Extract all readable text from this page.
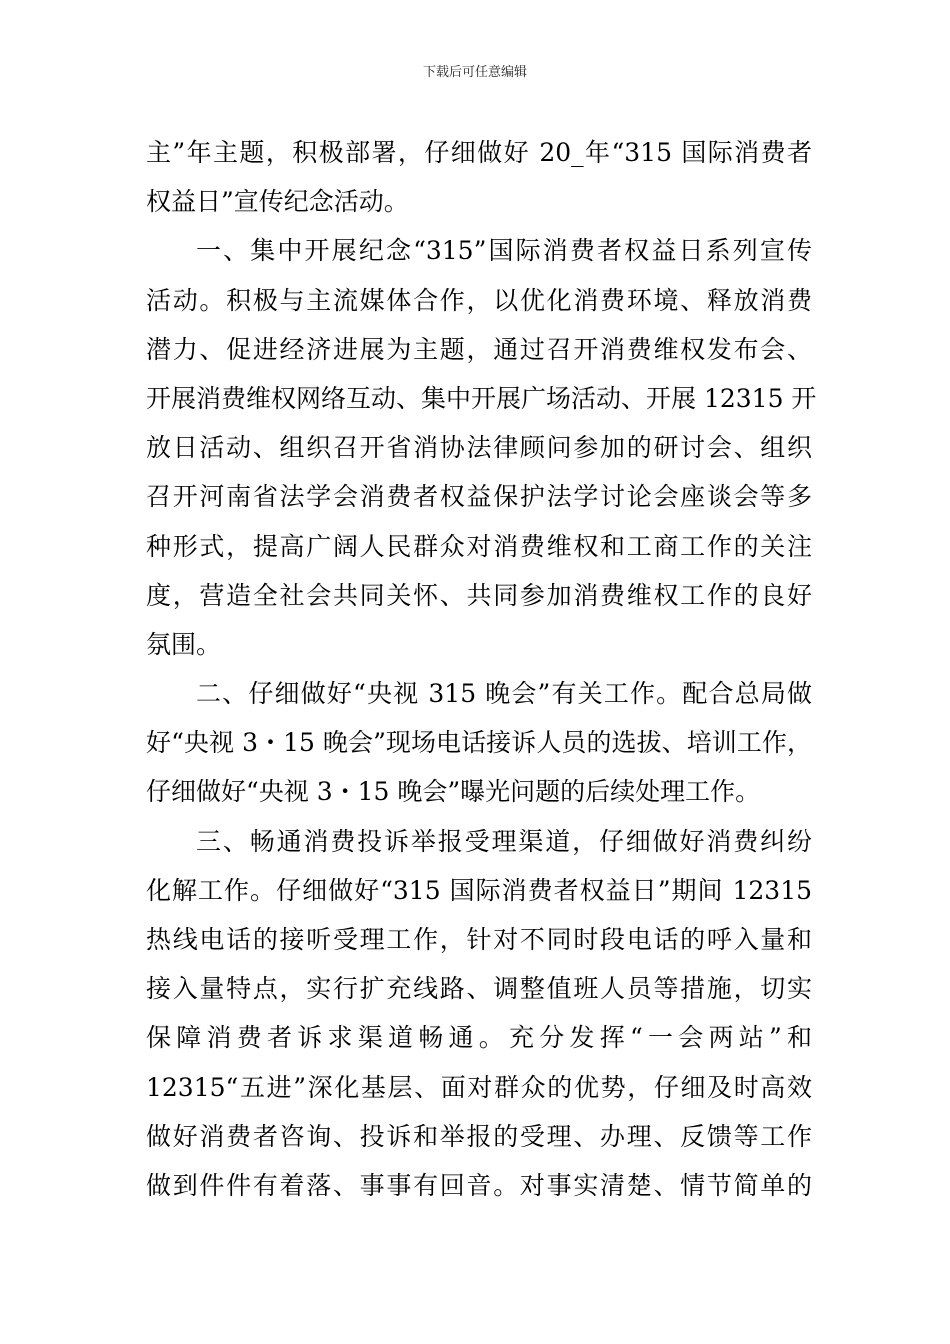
下载后可任意编辑
主”年主题，积极部署，仔细做好 20_年“315 国际消费者
权益日”宣传纪念活动。
一、集中开展纪念“315”国际消费者权益日系列宣传
活动。积极与主流媒体合作，以优化消费环境、释放消费
潜力、促进经济进展为主题，通过召开消费维权发布会、
开展消费维权网络互动、集中开展广场活动、开展 12315 开
放日活动、组织召开省消协法律顾问参加的研讨会、组织
召开河南省法学会消费者权益保护法学讨论会座谈会等多
种形式，提高广阔人民群众对消费维权和工商工作的关注
度，营造全社会共同关怀、共同参加消费维权工作的良好
氛围。
二、仔细做好“央视 315 晚会”有关工作。配合总局做
好“央视 3・15 晚会”现场电话接诉人员的选拔、培训工作，
仔细做好“央视 3・15 晚会”曝光问题的后续处理工作。
三、畅通消费投诉举报受理渠道，仔细做好消费纠纷
化解工作。仔细做好“315 国际消费者权益日”期间 12315
热线电话的接听受理工作，针对不同时段电话的呼入量和
接入量特点，实行扩充线路、调整值班人员等措施，切实
保障消费者诉求渠道畅通。充分发挥“一会两站”和
12315“五进”深化基层、面对群众的优势，仔细及时高效
做好消费者咨询、投诉和举报的受理、办理、反馈等工作
做到件件有着落、事事有回音。对事实清楚、情节简单的
